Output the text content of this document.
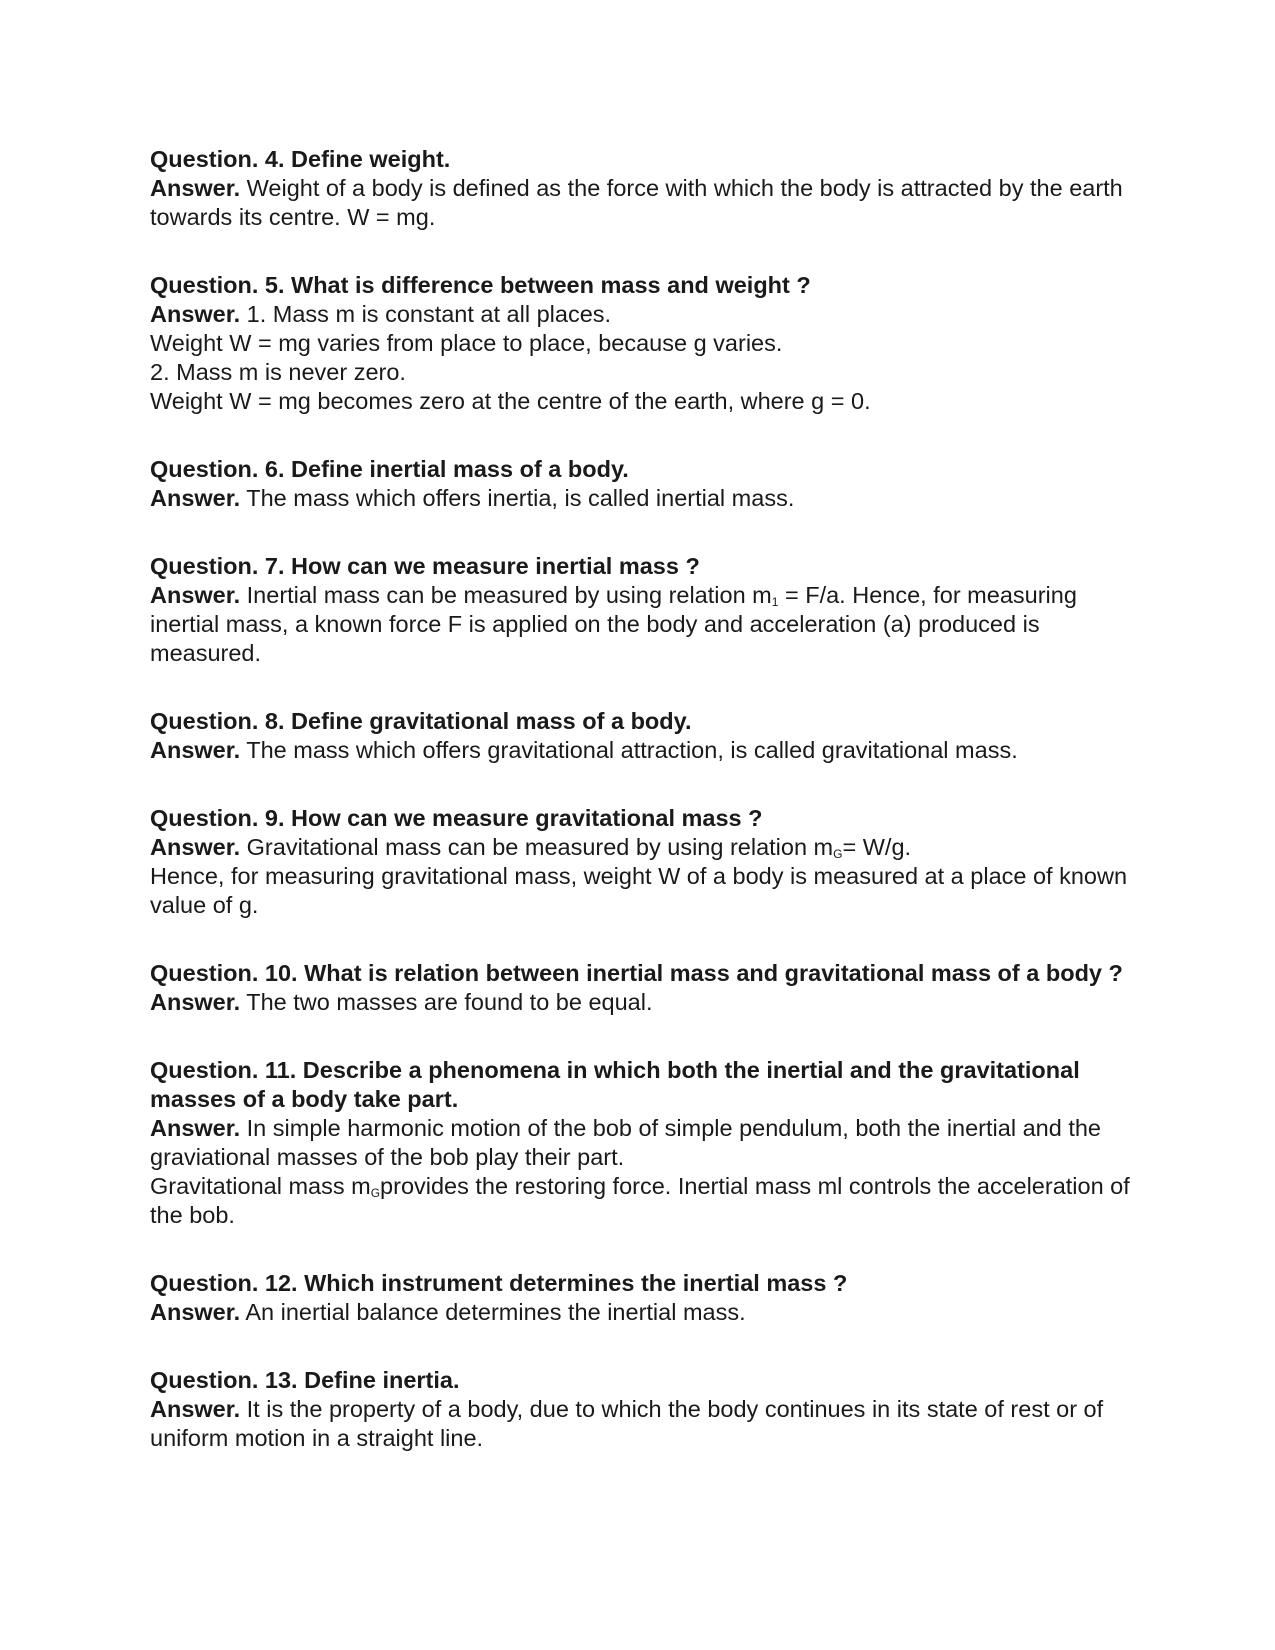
Question. 4. Define weight.
Answer. Weight of a body is defined as the force with which the body is attracted by the earth towards its centre. W = mg.
Question. 5. What is difference between mass and weight ?
Answer. 1. Mass m is constant at all places.
Weight W = mg varies from place to place, because g varies.
2. Mass m is never zero.
Weight W = mg becomes zero at the centre of the earth, where g = 0.
Question. 6. Define inertial mass of a body.
Answer. The mass which offers inertia, is called inertial mass.
Question. 7. How can we measure inertial mass ?
Answer. Inertial mass can be measured by using relation $m_1 = F/a$. Hence, for measuring inertial mass, a known force F is applied on the body and acceleration (a) produced is measured.
Question. 8. Define gravitational mass of a body.
Answer. The mass which offers gravitational attraction, is called gravitational mass.
Question. 9. How can we measure gravitational mass ?
Answer. Gravitational mass can be measured by using relation $m_G= W/g$.
Hence, for measuring gravitational mass, weight W of a body is measured at a place of known value of g.
Question. 10. What is relation between inertial mass and gravitational mass of a body ?
Answer. The two masses are found to be equal.
Question. 11. Describe a phenomena in which both the inertial and the gravitational masses of a body take part.
Answer. In simple harmonic motion of the bob of simple pendulum, both the inertial and the graviational masses of the bob play their part.
Gravitational mass $m_Gprovides$ the restoring force. Inertial mass ml controls the acceleration of the bob.
Question. 12. Which instrument determines the inertial mass ?
Answer. An inertial balance determines the inertial mass.
Question. 13. Define inertia.
Answer. It is the property of a body, due to which the body continues in its state of rest or of uniform motion in a straight line.
